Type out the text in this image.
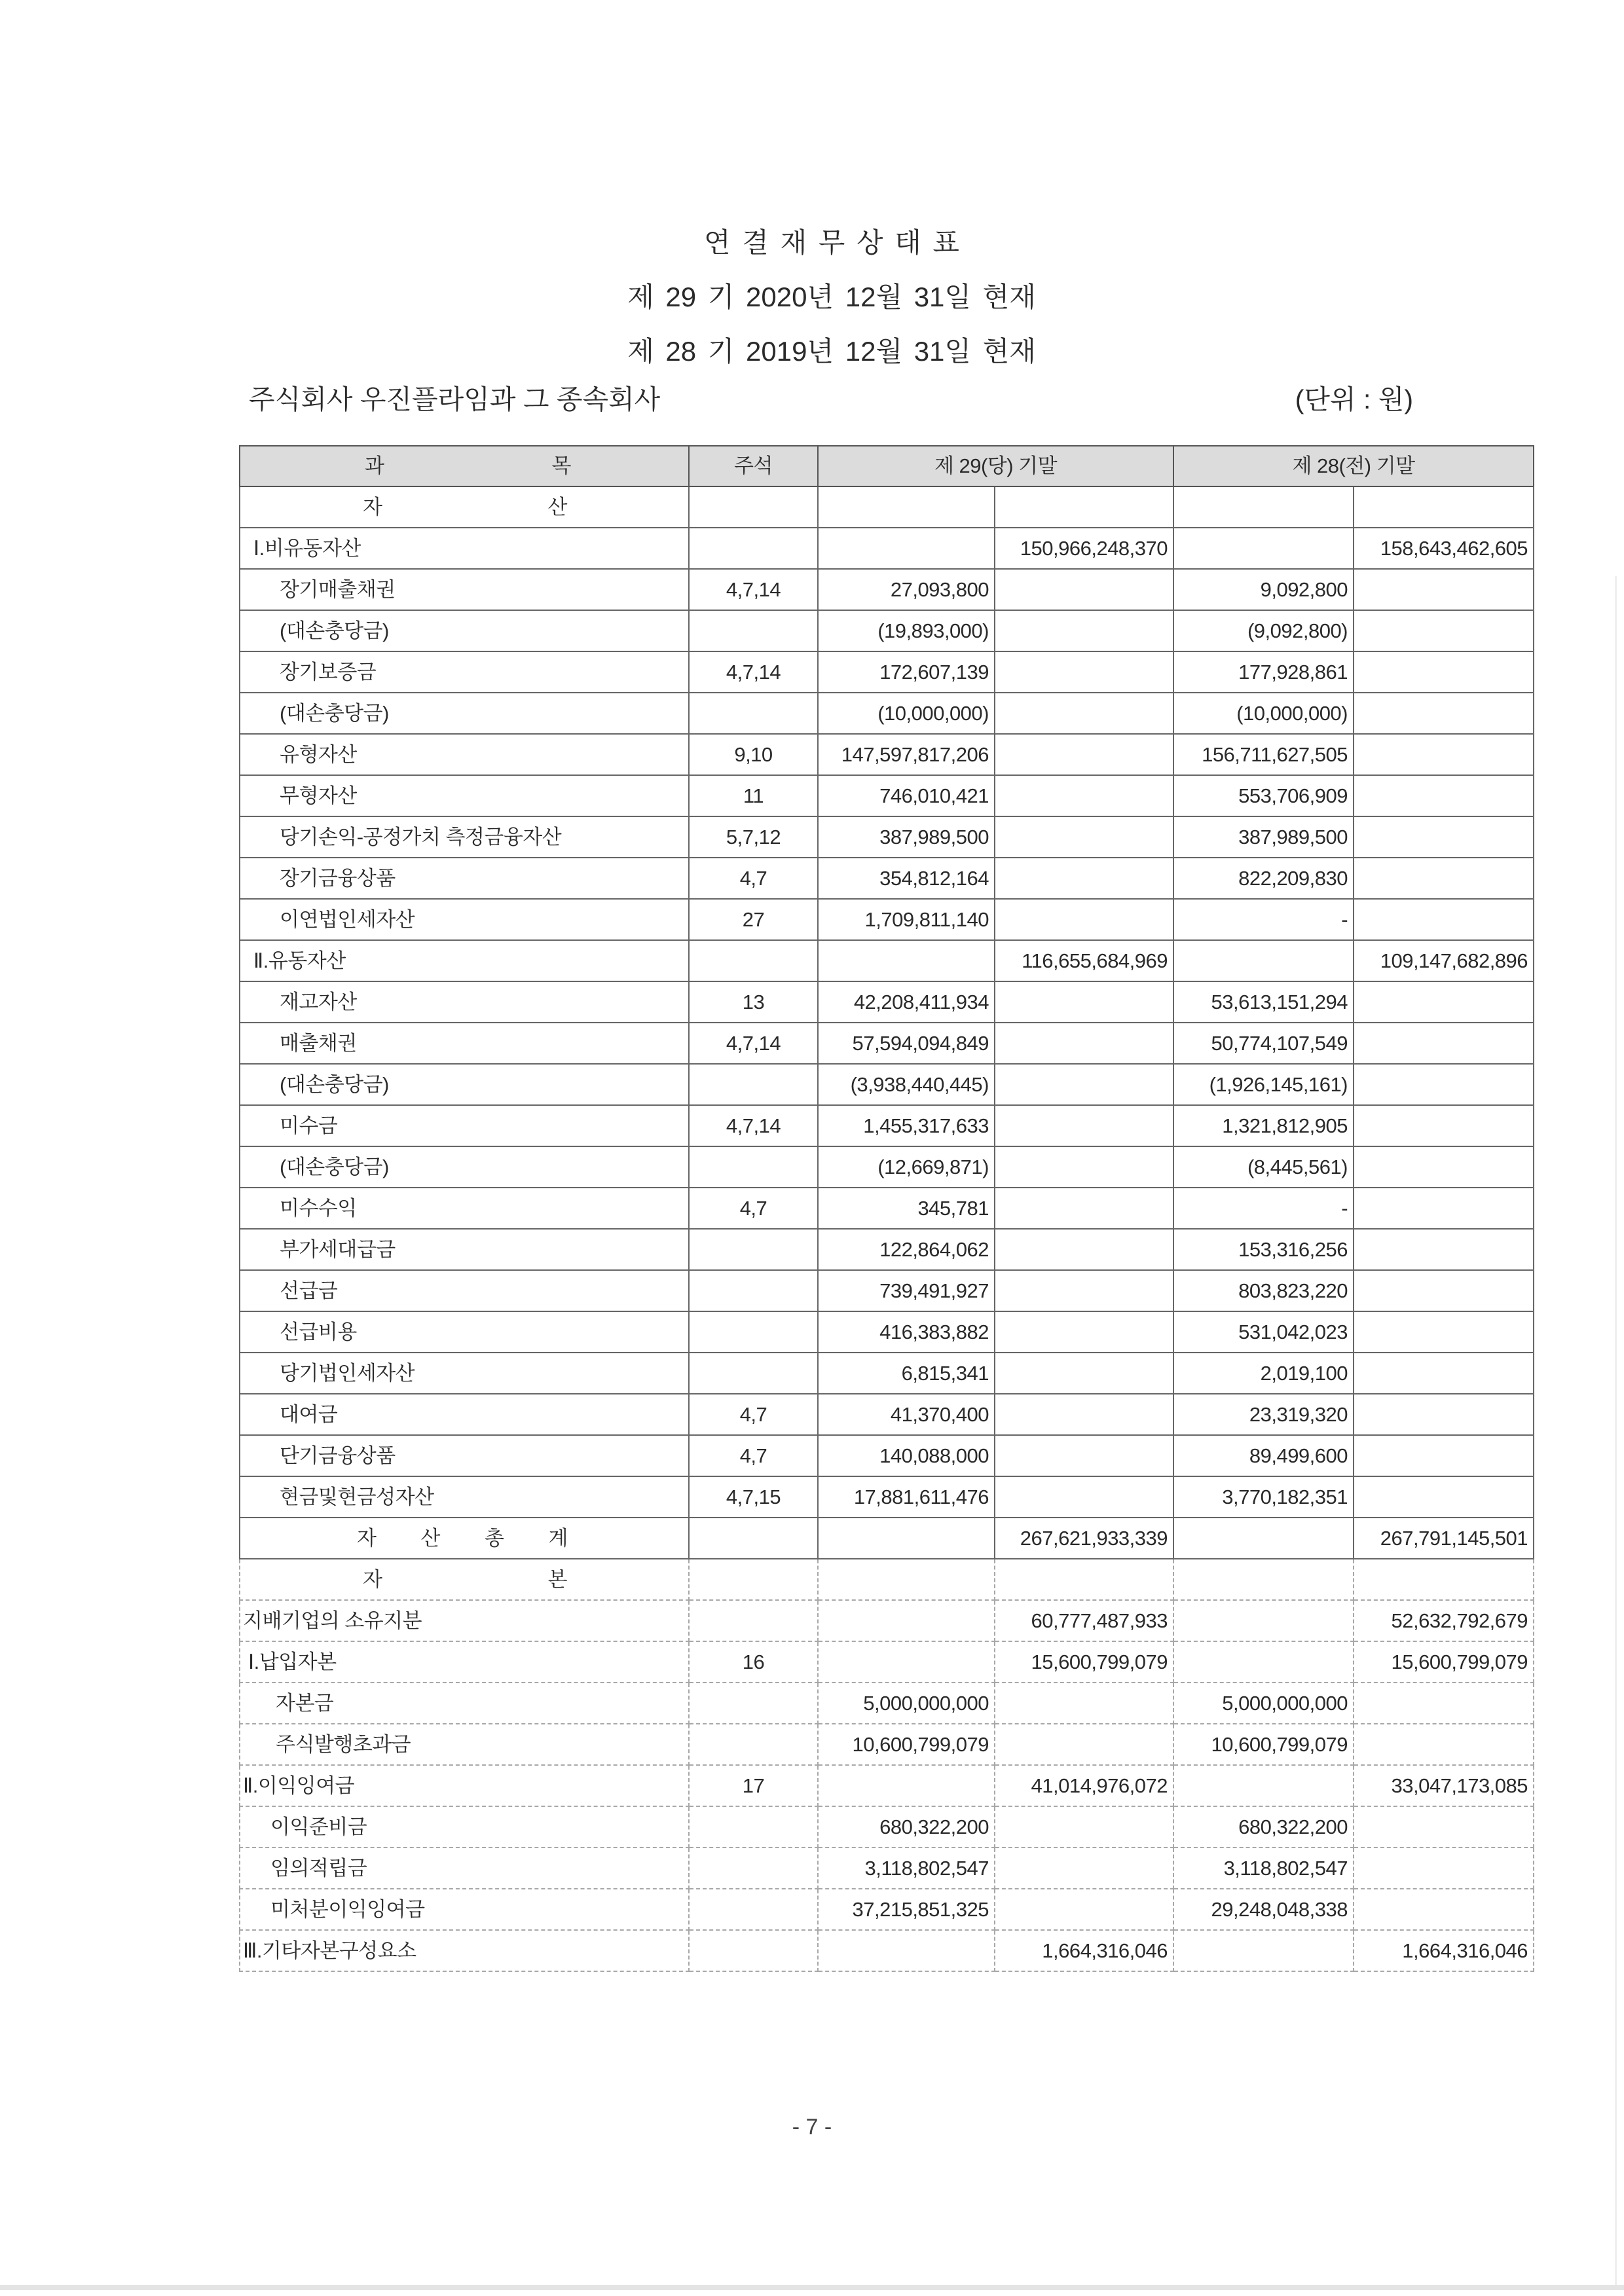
연 결 재 무 상 태 표
제 29 기 2020년 12월 31일 현재
제 28 기 2019년 12월 31일 현재
주식회사 우진플라임과 그 종속회사	(단위 : 원)
과 목	주석	제 29(당) 기말		제 28(전) 기말	
자 산					
Ⅰ.비유동자산			150,966,248,370		158,643,462,605
장기매출채권	4,7,14	27,093,800		9,092,800	
(대손충당금)		(19,893,000)		(9,092,800)	
장기보증금	4,7,14	172,607,139		177,928,861	
(대손충당금)		(10,000,000)		(10,000,000)	
유형자산	9,10	147,597,817,206		156,711,627,505	
무형자산	11	746,010,421		553,706,909	
당기손익-공정가치 측정금융자산	5,7,12	387,989,500		387,989,500	
장기금융상품	4,7	354,812,164		822,209,830	
이연법인세자산	27	1,709,811,140		-	
Ⅱ.유동자산			116,655,684,969		109,147,682,896
재고자산	13	42,208,411,934		53,613,151,294	
매출채권	4,7,14	57,594,094,849		50,774,107,549	
(대손충당금)		(3,938,440,445)		(1,926,145,161)	
미수금	4,7,14	1,455,317,633		1,321,812,905	
(대손충당금)		(12,669,871)		(8,445,561)	
미수수익	4,7	345,781		-	
부가세대급금		122,864,062		153,316,256	
선급금		739,491,927		803,823,220	
선급비용		416,383,882		531,042,023	
당기법인세자산		6,815,341		2,019,100	
대여금	4,7	41,370,400		23,319,320	
단기금융상품	4,7	140,088,000		89,499,600	
현금및현금성자산	4,7,15	17,881,611,476		3,770,182,351	
자 산 총 계			267,621,933,339		267,791,145,501
자 본					
지배기업의 소유지분			60,777,487,933		52,632,792,679
Ⅰ.납입자본	16		15,600,799,079		15,600,799,079
자본금		5,000,000,000		5,000,000,000	
주식발행초과금		10,600,799,079		10,600,799,079	
Ⅱ.이익잉여금	17		41,014,976,072		33,047,173,085
이익준비금		680,322,200		680,322,200	
임의적립금		3,118,802,547		3,118,802,547	
미처분이익잉여금		37,215,851,325		29,248,048,338	
Ⅲ.기타자본구성요소			1,664,316,046		1,664,316,046
- 7 -
